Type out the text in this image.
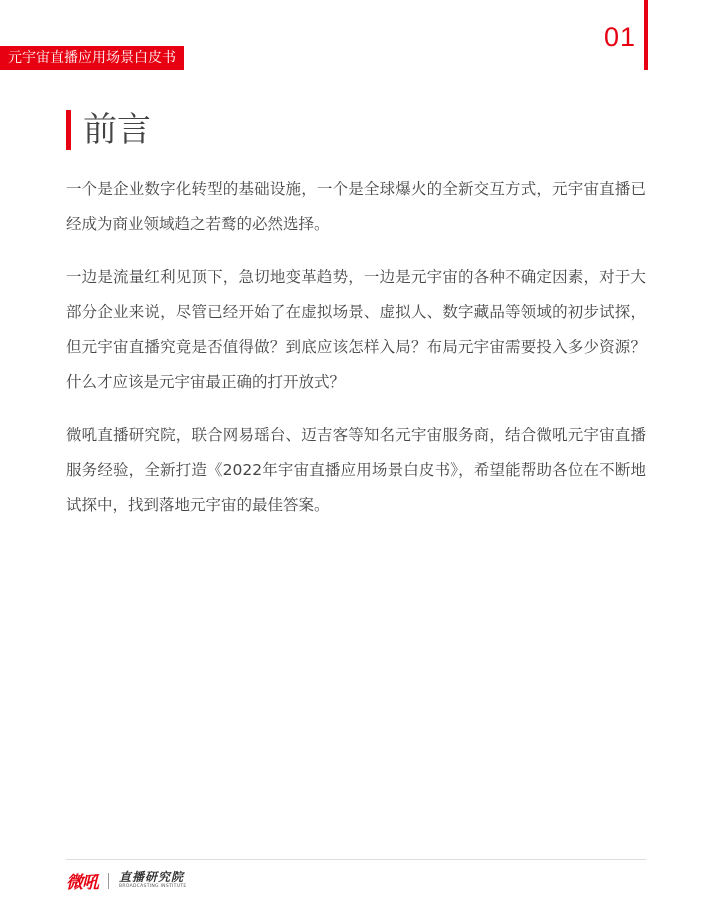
01
元宇宙直播应用场景白皮书
前言

一个是企业数字化转型的基础设施，一个是全球爆火的全新交互方式，元宇宙直播已经成为商业领域趋之若鹜的必然选择。

一边是流量红利见顶下，急切地变革趋势，一边是元宇宙的各种不确定因素，对于大部分企业来说，尽管已经开始了在虚拟场景、虚拟人、数字藏品等领域的初步试探，但元宇宙直播究竟是否值得做？到底应该怎样入局？布局元宇宙需要投入多少资源？什么才应该是元宇宙最正确的打开放式？

微吼直播研究院，联合网易瑶台、迈吉客等知名元宇宙服务商，结合微吼元宇宙直播服务经验，全新打造《2022年宇宙直播应用场景白皮书》，希望能帮助各位在不断地试探中，找到落地元宇宙的最佳答案。

微吼 直播研究院
BROADCASTING INSTITUTE
